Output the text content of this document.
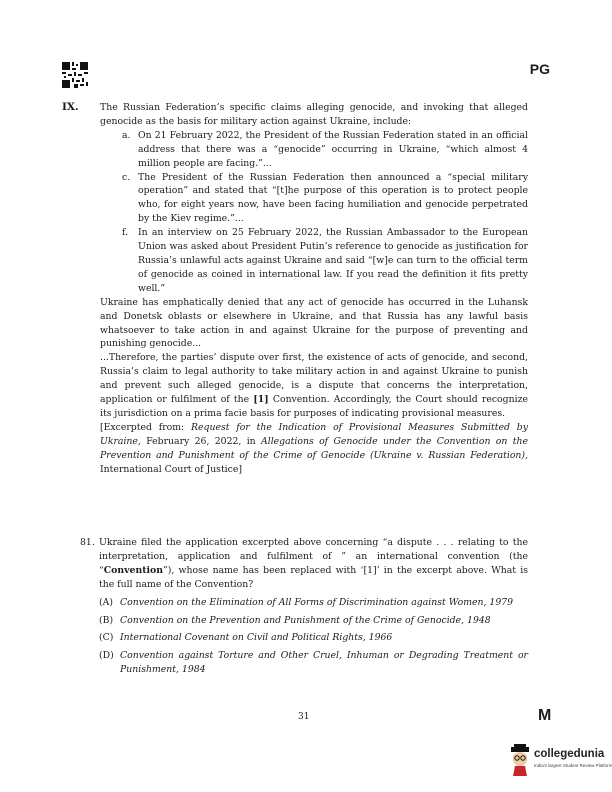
PG
IX. The Russian Federation’s specific claims alleging genocide, and invoking that alleged genocide as the basis for military action against Ukraine, include:
a. On 21 February 2022, the President of the Russian Federation stated in an official address that there was a “genocide” occurring in Ukraine, “which almost 4 million people are facing.”...
c. The President of the Russian Federation then announced a “special military operation” and stated that “[t]he purpose of this operation is to protect people who, for eight years now, have been facing humiliation and genocide perpetrated by the Kiev regime.”...
f. In an interview on 25 February 2022, the Russian Ambassador to the European Union was asked about President Putin’s reference to genocide as justification for Russia’s unlawful acts against Ukraine and said “[w]e can turn to the official term of genocide as coined in international law. If you read the definition it fits pretty well.”
Ukraine has emphatically denied that any act of genocide has occurred in the Luhansk and Donetsk oblasts or elsewhere in Ukraine, and that Russia has any lawful basis whatsoever to take action in and against Ukraine for the purpose of preventing and punishing genocide...
...Therefore, the parties’ dispute over first, the existence of acts of genocide, and second, Russia’s claim to legal authority to take military action in and against Ukraine to punish and prevent such alleged genocide, is a dispute that concerns the interpretation, application or fulfilment of the [1] Convention. Accordingly, the Court should recognize its jurisdiction on a prima facie basis for purposes of indicating provisional measures.
[Excerpted from: Request for the Indication of Provisional Measures Submitted by Ukraine, February 26, 2022, in Allegations of Genocide under the Convention on the Prevention and Punishment of the Crime of Genocide (Ukraine v. Russian Federation), International Court of Justice]
81. Ukraine filed the application excerpted above concerning “a dispute . . . relating to the interpretation, application and fulfilment of ” an international convention (the “Convention”), whose name has been replaced with ‘[1]’ in the excerpt above. What is the full name of the Convention?
(A) Convention on the Elimination of All Forms of Discrimination against Women, 1979
(B) Convention on the Prevention and Punishment of the Crime of Genocide, 1948
(C) International Covenant on Civil and Political Rights, 1966
(D) Convention against Torture and Other Cruel, Inhuman or Degrading Treatment or Punishment, 1984
31	M
collegedunia
India's largest Student Review Platform
